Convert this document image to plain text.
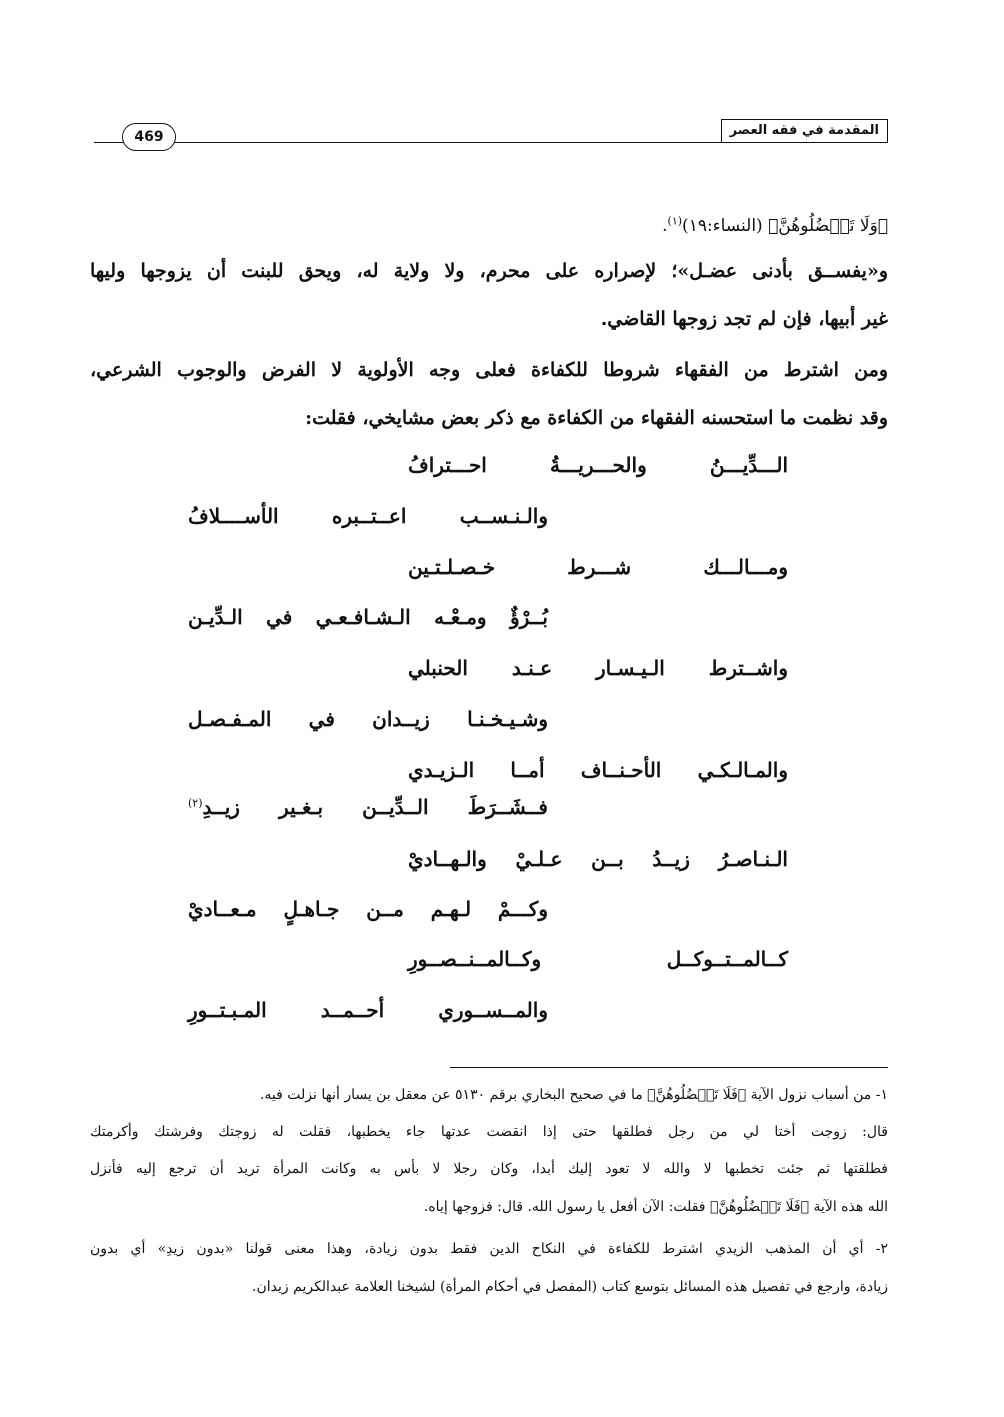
المقدمة في فقه العصر
469
﴿وَلَا تَعۡضُلُوهُنَّ﴾ (النساء:١٩)$^{(١)}$.
و«يفســق بأدنى عضـل»؛ لإصراره على محرم، ولا ولاية له، ويحق للبنت أن يزوجها وليها
غير أبيها، فإن لم تجد زوجها القاضي.
ومن اشترط من الفقهاء شروطا للكفاءة فعلى وجه الأولوية لا الفرض والوجوب الشرعي،
وقد نظمت ما استحسنه الفقهاء من الكفاءة مع ذكر بعض مشايخي، فقلت:
الـــدِّيـــنُ والحـــريـــةُ احـــترافُ
والـنـســب اعــتــبره الأســــلافُ
ومـــالـــك شـــرط خـصـلـتـين
بُــرْؤٌ ومـعْـه الـشـافـعـي في الـدِّيـن
واشــترط الـيـسـار عـنـد الحنبلي
وشـيـخـنـا زيــدان في المـفـصـل
والمـالـكـي الأحـنــاف أمــا الـزيـدي
فــشَــرَطَ الــدِّيــن بـغـير زيــدِ$^{(٢)}$
الـنـاصـرُ زيــدُ بــن عـلـيْ والـهــاديْ
وكـــمْ لـهـم مــن جـاهـلٍ مـعــاديْ
كــالمــتــوكــل وكــالمــنــصــورِ
والمــســوري أحــمــد المـبـتــورِ
١- من أسباب نزول الآية ﴿فَلَا تَعۡضُلُوهُنَّ﴾ ما في صحيح البخاري برقم ٥١٣٠ عن معقل بن يسار أنها نزلت فيه.
قال: زوجت أختا لي من رجل فطلقها حتى إذا انقضت عدتها جاء يخطبها، فقلت له زوجتك وفرشتك وأكرمتك
فطلقتها ثم جئت تخطبها لا والله لا تعود إليك أبدا، وكان رجلا لا بأس به وكانت المرأة تريد أن ترجع إليه فأنزل
الله هذه الآية ﴿فَلَا تَعۡضُلُوهُنَّ﴾ فقلت: الآن أفعل يا رسول الله. قال: فزوجها إياه.
٢- أي أن المذهب الزيدي اشترط للكفاءة في النكاح الدين فقط بدون زيادة، وهذا معنى قولنا «بدون زيدِ» أي بدون
زيادة، وارجع في تفصيل هذه المسائل بتوسع كتاب (المفصل في أحكام المرأة) لشيخنا العلامة عبدالكريم زيدان.
